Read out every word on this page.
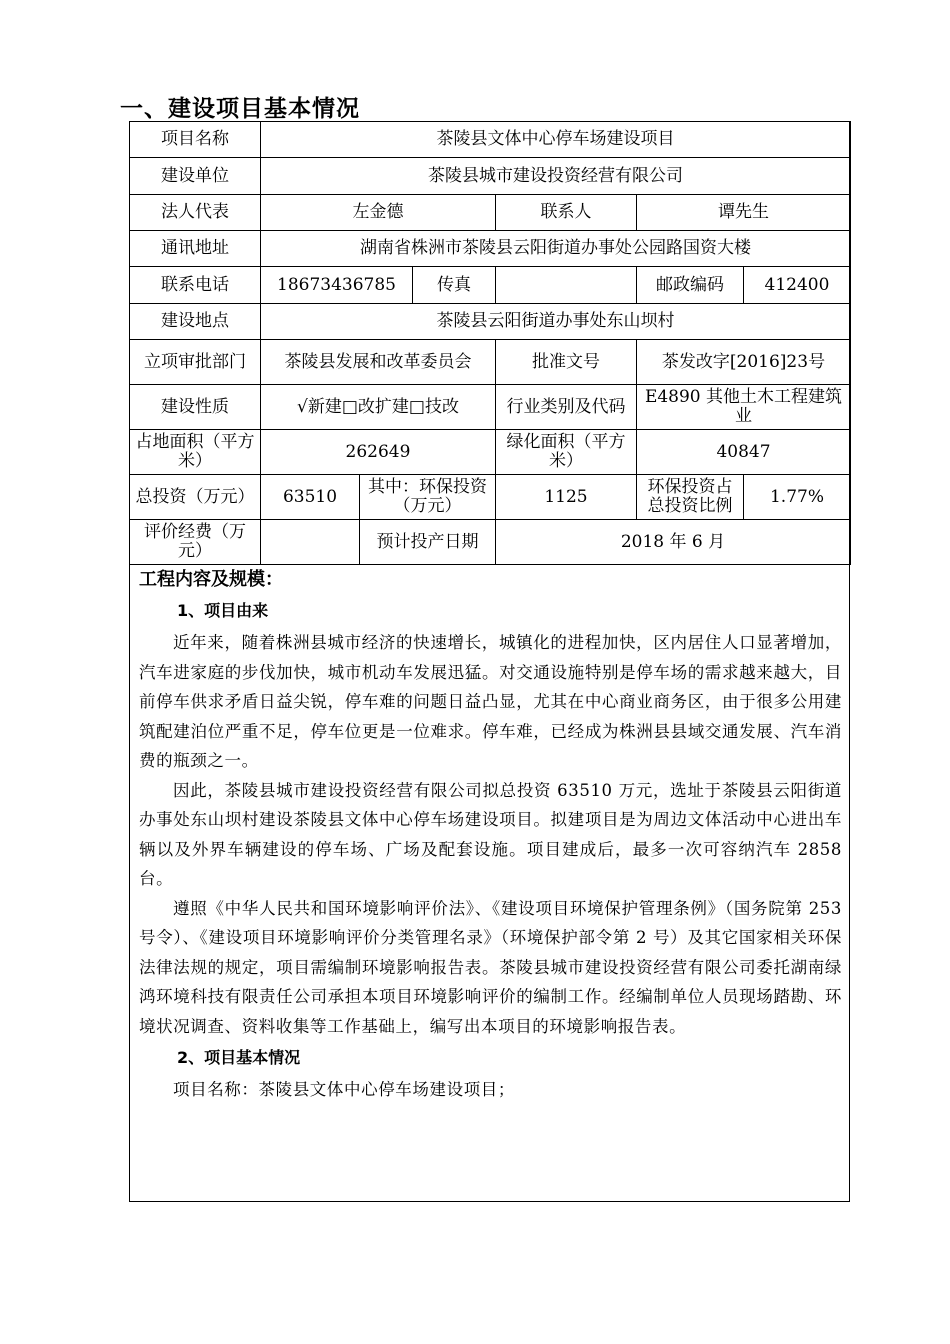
一、建设项目基本情况
项目名称	茶陵县文体中心停车场建设项目					
建设单位	茶陵县城市建设投资经营有限公司					
法人代表	左金德			联系人	谭先生	
通讯地址	湖南省株洲市茶陵县云阳街道办事处公园路国资大楼					
联系电话	18673436785		传真		邮政编码	412400
建设地点	茶陵县云阳街道办事处东山坝村					
立项审批部门	茶陵县发展和改革委员会			批准文号	茶发改字[2016]23号	
建设性质	√新建□改扩建□技改			行业类别及代码	E4890 其他土木工程建筑业	
占地面积（平方米）	262649			绿化面积（平方米）	40847	
总投资（万元）	63510	其中：环保投资（万元）		1125	环保投资占总投资比例	1.77%
评价经费（万元）		预计投产日期		2018 年 6 月		
工程内容及规模：
1、项目由来

近年来，随着株洲县城市经济的快速增长，城镇化的进程加快，区内居住人口显著增加，汽车进家庭的步伐加快，城市机动车发展迅猛。对交通设施特别是停车场的需求越来越大，目前停车供求矛盾日益尖锐，停车难的问题日益凸显，尤其在中心商业商务区，由于很多公用建筑配建泊位严重不足，停车位更是一位难求。停车难，已经成为株洲县县域交通发展、汽车消费的瓶颈之一。

因此，茶陵县城市建设投资经营有限公司拟总投资 63510 万元，选址于茶陵县云阳街道办事处东山坝村建设茶陵县文体中心停车场建设项目。拟建项目是为周边文体活动中心进出车辆以及外界车辆建设的停车场、广场及配套设施。项目建成后，最多一次可容纳汽车 2858 台。

遵照《中华人民共和国环境影响评价法》、《建设项目环境保护管理条例》（国务院第 253 号令）、《建设项目环境影响评价分类管理名录》（环境保护部令第 2 号）及其它国家相关环保法律法规的规定，项目需编制环境影响报告表。茶陵县城市建设投资经营有限公司委托湖南绿鸿环境科技有限责任公司承担本项目环境影响评价的编制工作。经编制单位人员现场踏勘、环境状况调查、资料收集等工作基础上，编写出本项目的环境影响报告表。

2、项目基本情况

项目名称：茶陵县文体中心停车场建设项目；
